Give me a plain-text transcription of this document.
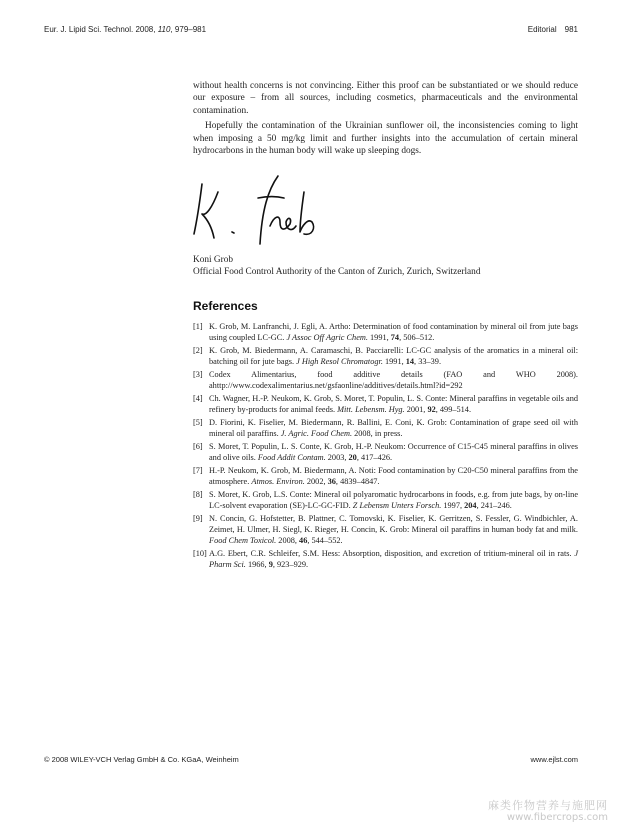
Eur. J. Lipid Sci. Technol. 2008, 110, 979–981	Editorial 981

without health concerns is not convincing. Either this proof can be substantiated or we should reduce our exposure – from all sources, including cosmetics, pharmaceuticals and the environmental contamination.

Hopefully the contamination of the Ukrainian sunflower oil, the inconsistencies coming to light when imposing a 50 mg/kg limit and further insights into the accumulation of certain mineral hydrocarbons in the human body will wake up sleeping dogs.

Koni Grob
Official Food Control Authority of the Canton of Zurich, Zurich, Switzerland
References
[1] K. Grob, M. Lanfranchi, J. Egli, A. Artho: Determination of food contamination by mineral oil from jute bags using coupled LC-GC. J Assoc Off Agric Chem. 1991, 74, 506–512.
[2] K. Grob, M. Biedermann, A. Caramaschi, B. Pacciarelli: LC-GC analysis of the aromatics in a mineral oil: batching oil for jute bags. J High Resol Chromatogr. 1991, 14, 33–39.
[3] Codex Alimentarius, food additive details (FAO and WHO 2008). ahttp://www.codexalimentarius.net/gsfaonline/additives/details.html?id=292
[4] Ch. Wagner, H.-P. Neukom, K. Grob, S. Moret, T. Populin, L. S. Conte: Mineral paraffins in vegetable oils and refinery by-products for animal feeds. Mitt. Lebensm. Hyg. 2001, 92, 499–514.
[5] D. Fiorini, K. Fiselier, M. Biedermann, R. Ballini, E. Coni, K. Grob: Contamination of grape seed oil with mineral oil paraffins. J. Agric. Food Chem. 2008, in press.
[6] S. Moret, T. Populin, L. S. Conte, K. Grob, H.-P. Neukom: Occurrence of C15-C45 mineral paraffins in olives and olive oils. Food Addit Contam. 2003, 20, 417–426.
[7] H.-P. Neukom, K. Grob, M. Biedermann, A. Noti: Food contamination by C20-C50 mineral paraffins from the atmosphere. Atmos. Environ. 2002, 36, 4839–4847.
[8] S. Moret, K. Grob, L.S. Conte: Mineral oil polyaromatic hydrocarbons in foods, e.g. from jute bags, by on-line LC-solvent evaporation (SE)-LC-GC-FID. Z Lebensm Unters Forsch. 1997, 204, 241–246.
[9] N. Concin, G. Hofstetter, B. Plattner, C. Tomovski, K. Fiselier, K. Gerritzen, S. Fessler, G. Windbichler, A. Zeimet, H. Ulmer, H. Siegl, K. Rieger, H. Concin, K. Grob: Mineral oil paraffins in human body fat and milk. Food Chem Toxicol. 2008, 46, 544–552.
[10] A.G. Ebert, C.R. Schleifer, S.M. Hess: Absorption, disposition, and excretion of tritium-mineral oil in rats. J Pharm Sci. 1966, 9, 923–929.
© 2008 WILEY-VCH Verlag GmbH & Co. KGaA, Weinheim	www.ejlst.com
麻类作物营养与施肥网
www.fibercrops.com
